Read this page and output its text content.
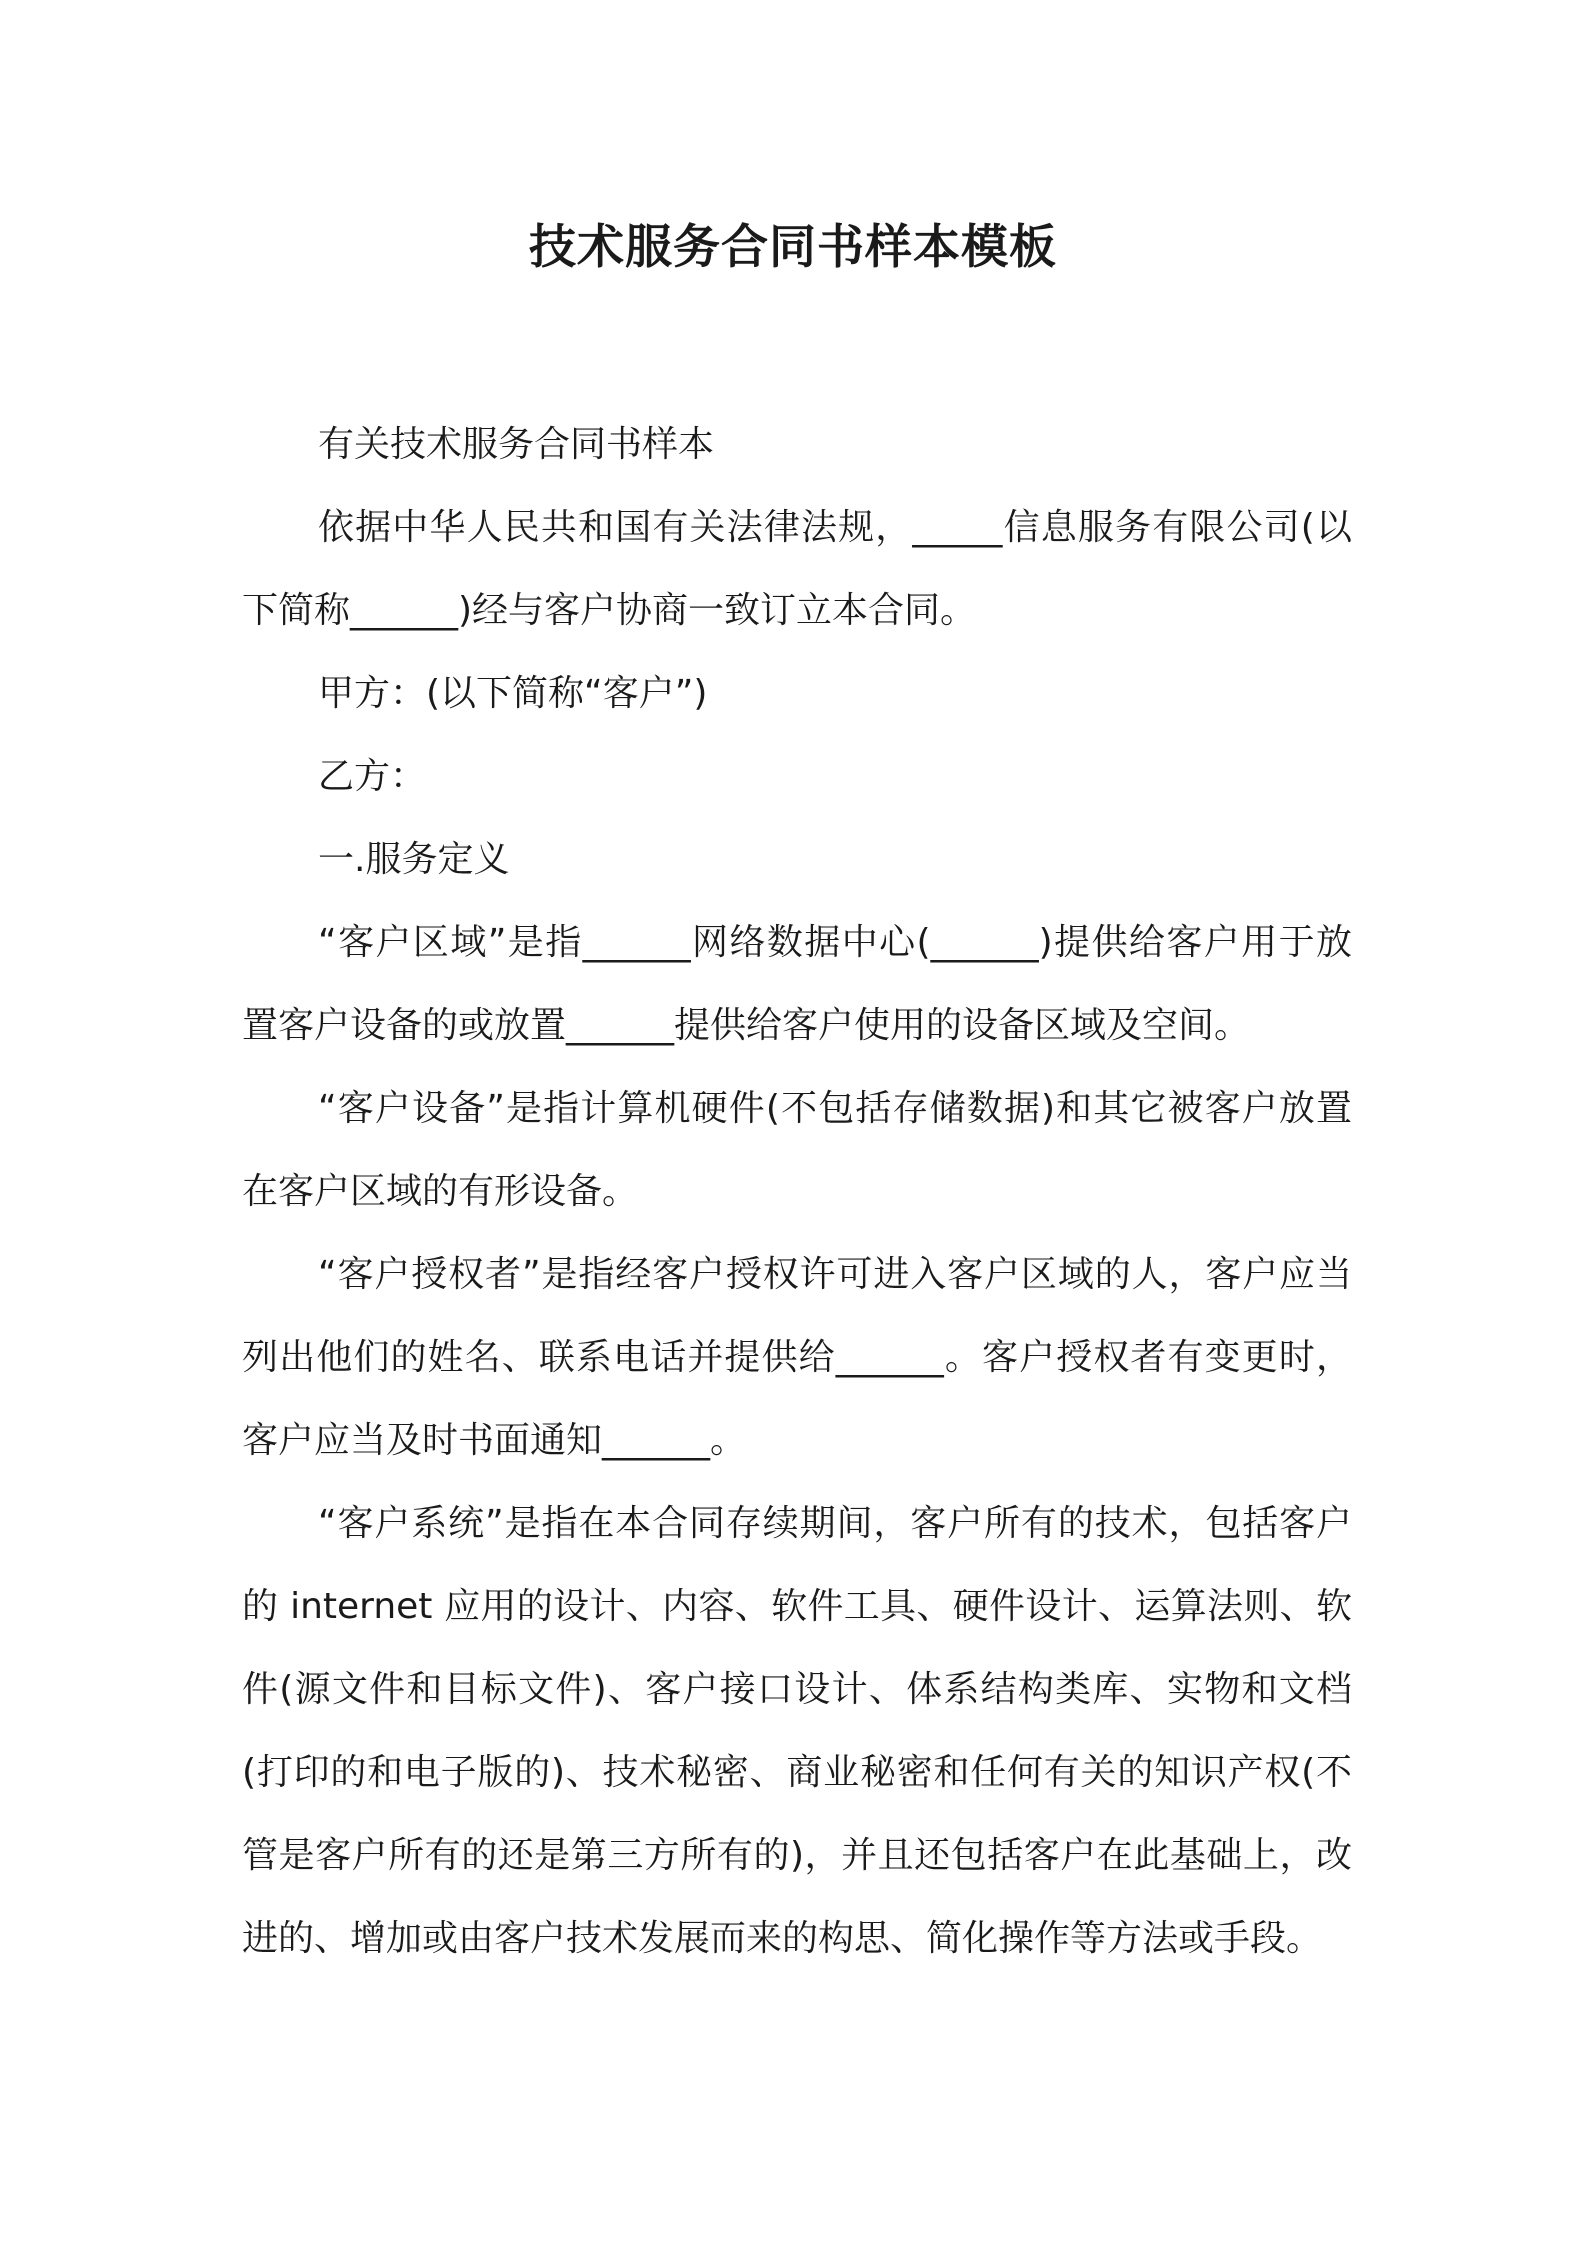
技术服务合同书样本模板

有关技术服务合同书样本

依据中华人民共和国有关法律法规，_____信息服务有限公司(以下简称______)经与客户协商一致订立本合同。

甲方：(以下简称“客户”)

乙方：

一.服务定义

“客户区域”是指______网络数据中心(______)提供给客户用于放置客户设备的或放置______提供给客户使用的设备区域及空间。

“客户设备”是指计算机硬件(不包括存储数据)和其它被客户放置在客户区域的有形设备。

“客户授权者”是指经客户授权许可进入客户区域的人，客户应当列出他们的姓名、联系电话并提供给______。客户授权者有变更时，客户应当及时书面通知______。

“客户系统”是指在本合同存续期间，客户所有的技术，包括客户的 internet 应用的设计、内容、软件工具、硬件设计、运算法则、软件(源文件和目标文件)、客户接口设计、体系结构类库、实物和文档(打印的和电子版的)、技术秘密、商业秘密和任何有关的知识产权(不管是客户所有的还是第三方所有的)，并且还包括客户在此基础上，改进的、增加或由客户技术发展而来的构思、简化操作等方法或手段。
